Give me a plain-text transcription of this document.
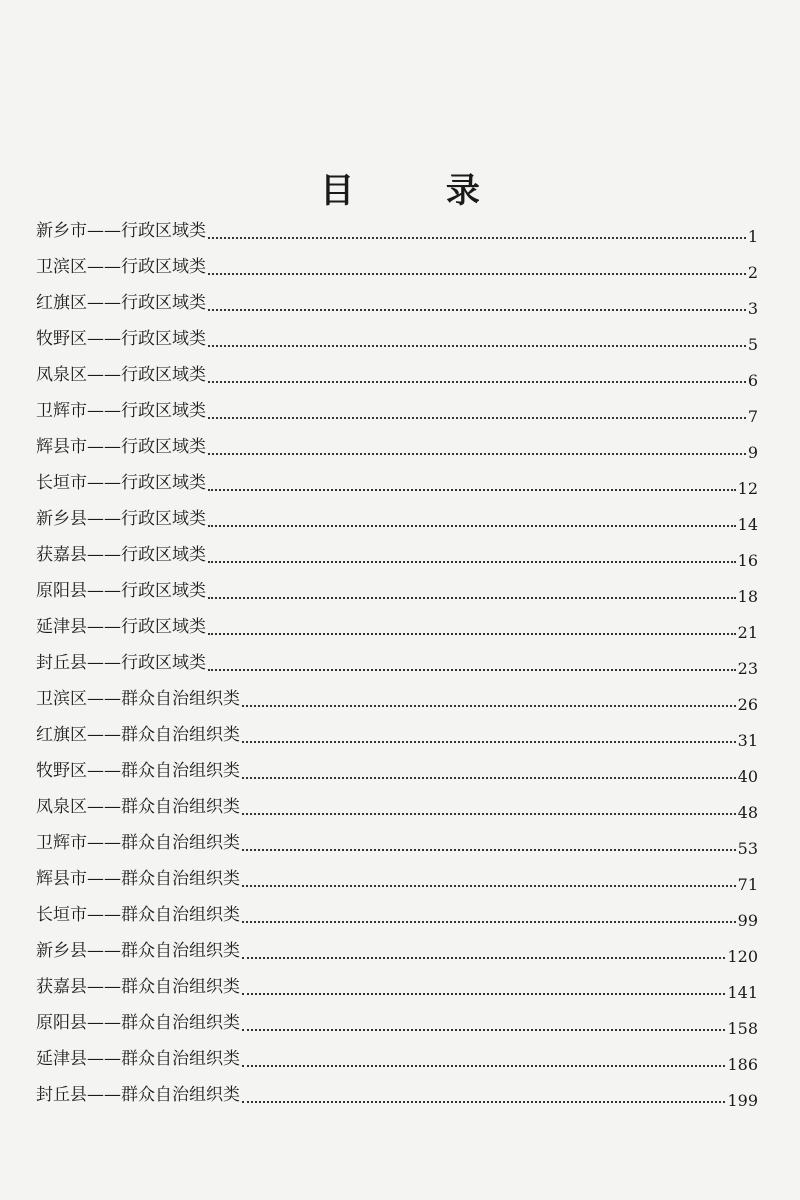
目 录
新乡市——行政区域类	1
卫滨区——行政区域类	2
红旗区——行政区域类	3
牧野区——行政区域类	5
凤泉区——行政区域类	6
卫辉市——行政区域类	7
辉县市——行政区域类	9
长垣市——行政区域类	12
新乡县——行政区域类	14
获嘉县——行政区域类	16
原阳县——行政区域类	18
延津县——行政区域类	21
封丘县——行政区域类	23
卫滨区——群众自治组织类	26
红旗区——群众自治组织类	31
牧野区——群众自治组织类	40
凤泉区——群众自治组织类	48
卫辉市——群众自治组织类	53
辉县市——群众自治组织类	71
长垣市——群众自治组织类	99
新乡县——群众自治组织类	120
获嘉县——群众自治组织类	141
原阳县——群众自治组织类	158
延津县——群众自治组织类	186
封丘县——群众自治组织类	199
